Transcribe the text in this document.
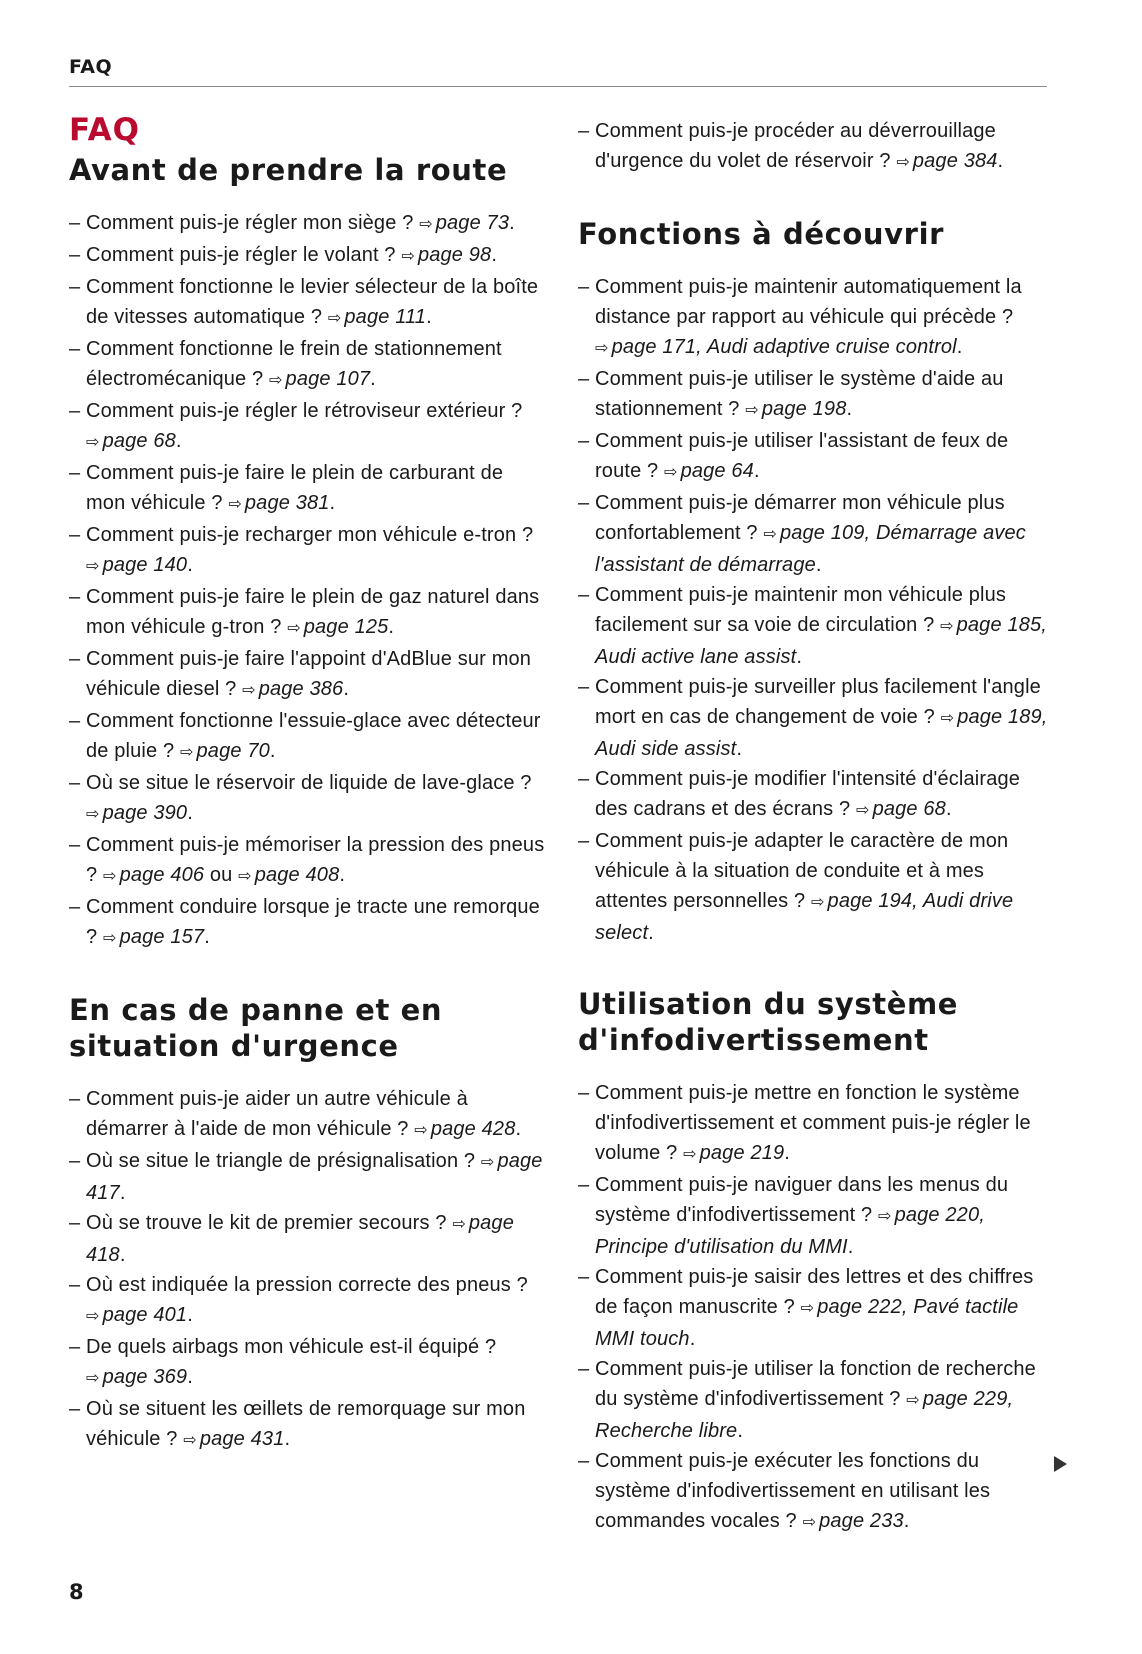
FAQ
FAQ
Avant de prendre la route
– Comment puis-je régler mon siège ? ⇨ page 73.
– Comment puis-je régler le volant ? ⇨ page 98.
– Comment fonctionne le levier sélecteur de la boîte de vitesses automatique ? ⇨ page 111.
– Comment fonctionne le frein de stationnement électromécanique ? ⇨ page 107.
– Comment puis-je régler le rétroviseur extérieur ? ⇨ page 68.
– Comment puis-je faire le plein de carburant de mon véhicule ? ⇨ page 381.
– Comment puis-je recharger mon véhicule e-tron ? ⇨ page 140.
– Comment puis-je faire le plein de gaz naturel dans mon véhicule g-tron ? ⇨ page 125.
– Comment puis-je faire l'appoint d'AdBlue sur mon véhicule diesel ? ⇨ page 386.
– Comment fonctionne l'essuie-glace avec détecteur de pluie ? ⇨ page 70.
– Où se situe le réservoir de liquide de lave-glace ? ⇨ page 390.
– Comment puis-je mémoriser la pression des pneus ? ⇨ page 406 ou ⇨ page 408.
– Comment conduire lorsque je tracte une remorque ? ⇨ page 157.
En cas de panne et en situation d'urgence
– Comment puis-je aider un autre véhicule à démarrer à l'aide de mon véhicule ? ⇨ page 428.
– Où se situe le triangle de présignalisation ? ⇨ page 417.
– Où se trouve le kit de premier secours ? ⇨ page 418.
– Où est indiquée la pression correcte des pneus ? ⇨ page 401.
– De quels airbags mon véhicule est-il équipé ? ⇨ page 369.
– Où se situent les œillets de remorquage sur mon véhicule ? ⇨ page 431.
– Comment puis-je procéder au déverrouillage d'urgence du volet de réservoir ? ⇨ page 384.
Fonctions à découvrir
– Comment puis-je maintenir automatiquement la distance par rapport au véhicule qui précède ? ⇨ page 171, Audi adaptive cruise control.
– Comment puis-je utiliser le système d'aide au stationnement ? ⇨ page 198.
– Comment puis-je utiliser l'assistant de feux de route ? ⇨ page 64.
– Comment puis-je démarrer mon véhicule plus confortablement ? ⇨ page 109, Démarrage avec l'assistant de démarrage.
– Comment puis-je maintenir mon véhicule plus facilement sur sa voie de circulation ? ⇨ page 185, Audi active lane assist.
– Comment puis-je surveiller plus facilement l'angle mort en cas de changement de voie ? ⇨ page 189, Audi side assist.
– Comment puis-je modifier l'intensité d'éclairage des cadrans et des écrans ? ⇨ page 68.
– Comment puis-je adapter le caractère de mon véhicule à la situation de conduite et à mes attentes personnelles ? ⇨ page 194, Audi drive select.
Utilisation du système d'infodivertissement
– Comment puis-je mettre en fonction le système d'infodivertissement et comment puis-je régler le volume ? ⇨ page 219.
– Comment puis-je naviguer dans les menus du système d'infodivertissement ? ⇨ page 220, Principe d'utilisation du MMI.
– Comment puis-je saisir des lettres et des chiffres de façon manuscrite ? ⇨ page 222, Pavé tactile MMI touch.
– Comment puis-je utiliser la fonction de recherche du système d'infodivertissement ? ⇨ page 229, Recherche libre.
– Comment puis-je exécuter les fonctions du système d'infodivertissement en utilisant les commandes vocales ? ⇨ page 233.
8
